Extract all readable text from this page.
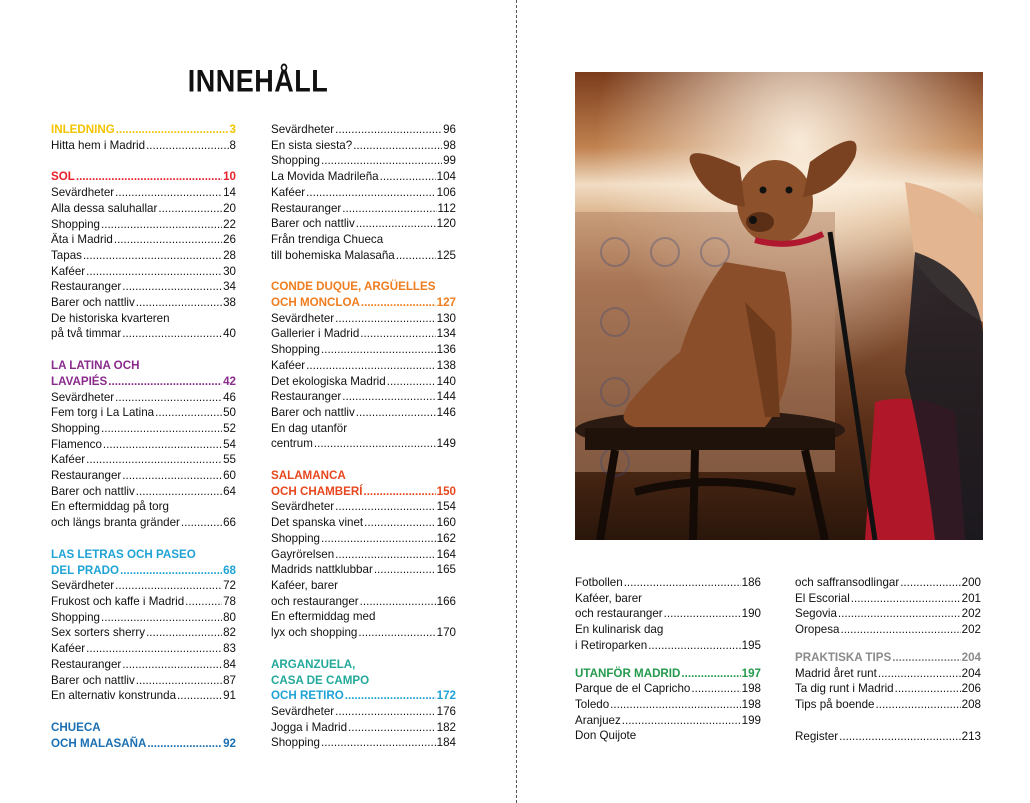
INNEHÅLL
INLEDNING .....	3
Hitta hem i Madrid .....	8
SOL .....	10
Sevärdheter .....	14
Alla dessa saluhallar .....	20
Shopping .....	22
Äta i Madrid .....	26
Tapas .....	28
Kaféer .....	30
Restauranger .....	34
Barer och nattliv .....	38
De historiska kvarteren
på två timmar .....	40
LA LATINA OCH
LAVAPIÉS .....	42
Sevärdheter .....	46
Fem torg i La Latina .....	50
Shopping .....	52
Flamenco .....	54
Kaféer .....	55
Restauranger .....	60
Barer och nattliv .....	64
En eftermiddag på torg
och längs branta gränder .....	66
LAS LETRAS OCH PASEO
DEL PRADO .....	68
Sevärdheter .....	72
Frukost och kaffe i Madrid .....	78
Shopping .....	80
Sex sorters sherry .....	82
Kaféer .....	83
Restauranger .....	84
Barer och nattliv .....	87
En alternativ konstrunda .....	91
CHUECA
OCH MALASAÑA .....	92
Sevärdheter .....	96
En sista siesta? .....	98
Shopping .....	99
La Movida Madrileña .....	104
Kaféer .....	106
Restauranger .....	112
Barer och nattliv .....	120
Från trendiga Chueca
till bohemiska Malasaña .....	125
CONDE DUQUE, ARGÜELLES
OCH MONCLOA .....	127
Sevärdheter .....	130
Gallerier i Madrid .....	134
Shopping .....	136
Kaféer .....	138
Det ekologiska Madrid .....	140
Restauranger .....	144
Barer och nattliv .....	146
En dag utanför
centrum .....	149
SALAMANCA
OCH CHAMBERÍ .....	150
Sevärdheter .....	154
Det spanska vinet .....	160
Shopping .....	162
Gayrörelsen .....	164
Madrids nattklubbar .....	165
Kaféer, barer
och restauranger .....	166
En eftermiddag med
lyx och shopping .....	170
ARGANZUELA,
CASA DE CAMPO
OCH RETIRO .....	172
Sevärdheter .....	176
Jogga i Madrid .....	182
Shopping .....	184
Fotbollen .....	186
Kaféer, barer
och restauranger .....	190
En kulinarisk dag
i Retiroparken .....	195
UTANFÖR MADRID .....	197
Parque de el Capricho .....	198
Toledo .....	198
Aranjuez .....	199
Don Quijote
och saffransodlingar .....	200
El Escorial .....	201
Segovia .....	202
Oropesa .....	202
PRAKTISKA TIPS .....	204
Madrid året runt .....	204
Ta dig runt i Madrid .....	206
Tips på boende .....	208
Register .....	213
